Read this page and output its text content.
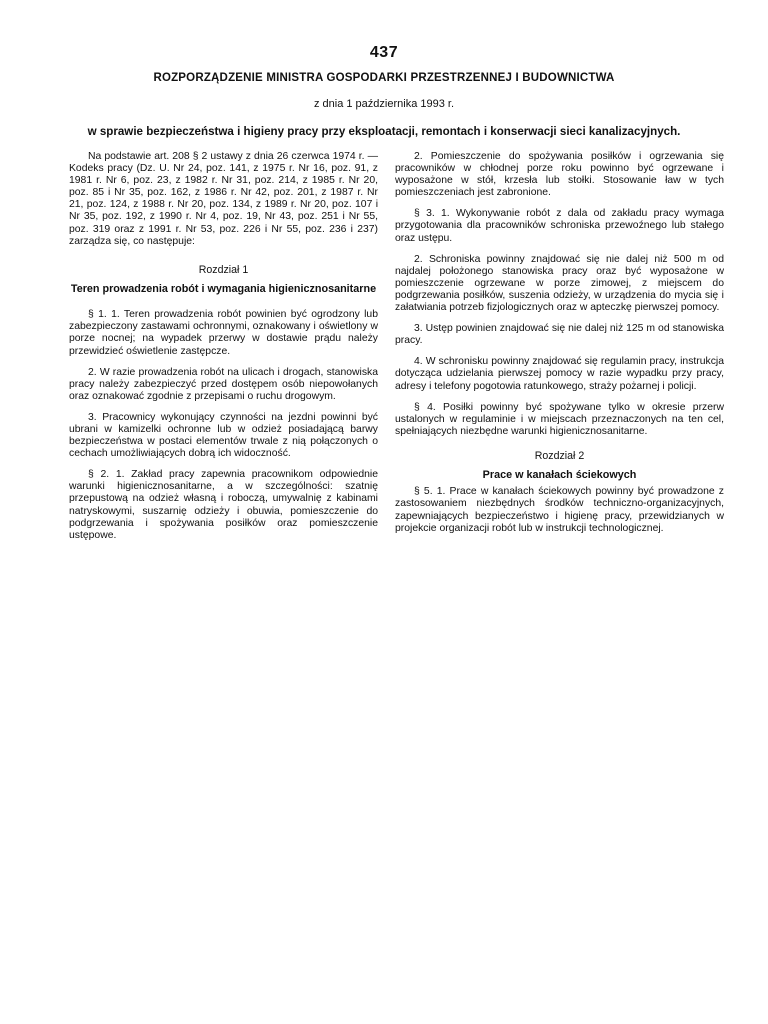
437
ROZPORZĄDZENIE MINISTRA GOSPODARKI PRZESTRZENNEJ I BUDOWNICTWA
z dnia 1 października 1993 r.
w sprawie bezpieczeństwa i higieny pracy przy eksploatacji, remontach i konserwacji sieci kanalizacyjnych.

Na podstawie art. 208 § 2 ustawy z dnia 26 czerwca 1974 r. — Kodeks pracy (Dz. U. Nr 24, poz. 141, z 1975 r. Nr 16, poz. 91, z 1981 r. Nr 6, poz. 23, z 1982 r. Nr 31, poz. 214, z 1985 r. Nr 20, poz. 85 i Nr 35, poz. 162, z 1986 r. Nr 42, poz. 201, z 1987 r. Nr 21, poz. 124, z 1988 r. Nr 20, poz. 134, z 1989 r. Nr 20, poz. 107 i Nr 35, poz. 192, z 1990 r. Nr 4, poz. 19, Nr 43, poz. 251 i Nr 55, poz. 319 oraz z 1991 r. Nr 53, poz. 226 i Nr 55, poz. 236 i 237) zarządza się, co następuje:

Rozdział 1
Teren prowadzenia robót i wymagania higienicznosanitarne

§ 1. 1. Teren prowadzenia robót powinien być ogrodzony lub zabezpieczony zastawami ochronnymi, oznakowany i oświetlony w porze nocnej; na wypadek przerwy w dostawie prądu należy przewidzieć oświetlenie zastępcze.

2. W razie prowadzenia robót na ulicach i drogach, stanowiska pracy należy zabezpieczyć przed dostępem osób niepowołanych oraz oznakować zgodnie z przepisami o ruchu drogowym.

3. Pracownicy wykonujący czynności na jezdni powinni być ubrani w kamizelki ochronne lub w odzież posiadającą barwy bezpieczeństwa w postaci elementów trwale z nią połączonych o cechach umożliwiających dobrą ich widoczność.

§ 2. 1. Zakład pracy zapewnia pracownikom odpowiednie warunki higienicznosanitarne, a w szczególności: szatnię przepustową na odzież własną i roboczą, umywalnię z kabinami natryskowymi, suszarnię odzieży i obuwia, pomieszczenie do podgrzewania i spożywania posiłków oraz pomieszczenie ustępowe.

2. Pomieszczenie do spożywania posiłków i ogrzewania się pracowników w chłodnej porze roku powinno być ogrzewane i wyposażone w stół, krzesła lub stołki. Stosowanie ław w tych pomieszczeniach jest zabronione.

§ 3. 1. Wykonywanie robót z dala od zakładu pracy wymaga przygotowania dla pracowników schroniska przewoźnego lub stałego oraz ustępu.

2. Schroniska powinny znajdować się nie dalej niż 500 m od najdalej położonego stanowiska pracy oraz być wyposażone w pomieszczenie ogrzewane w porze zimowej, z miejscem do podgrzewania posiłków, suszenia odzieży, w urządzenia do mycia się i załatwiania potrzeb fizjologicznych oraz w apteczkę pierwszej pomocy.

3. Ustęp powinien znajdować się nie dalej niż 125 m od stanowiska pracy.

4. W schronisku powinny znajdować się regulamin pracy, instrukcja dotycząca udzielania pierwszej pomocy w razie wypadku przy pracy, adresy i telefony pogotowia ratunkowego, straży pożarnej i policji.

§ 4. Posiłki powinny być spożywane tylko w okresie przerw ustalonych w regulaminie i w miejscach przeznaczonych na ten cel, spełniających niezbędne warunki higienicznosanitarne.

Rozdział 2
Prace w kanałach ściekowych

§ 5. 1. Prace w kanałach ściekowych powinny być prowadzone z zastosowaniem niezbędnych środków techniczno-organizacyjnych, zapewniających bezpieczeństwo i higienę pracy, przewidzianych w projekcie organizacji robót lub w instrukcji technologicznej.
